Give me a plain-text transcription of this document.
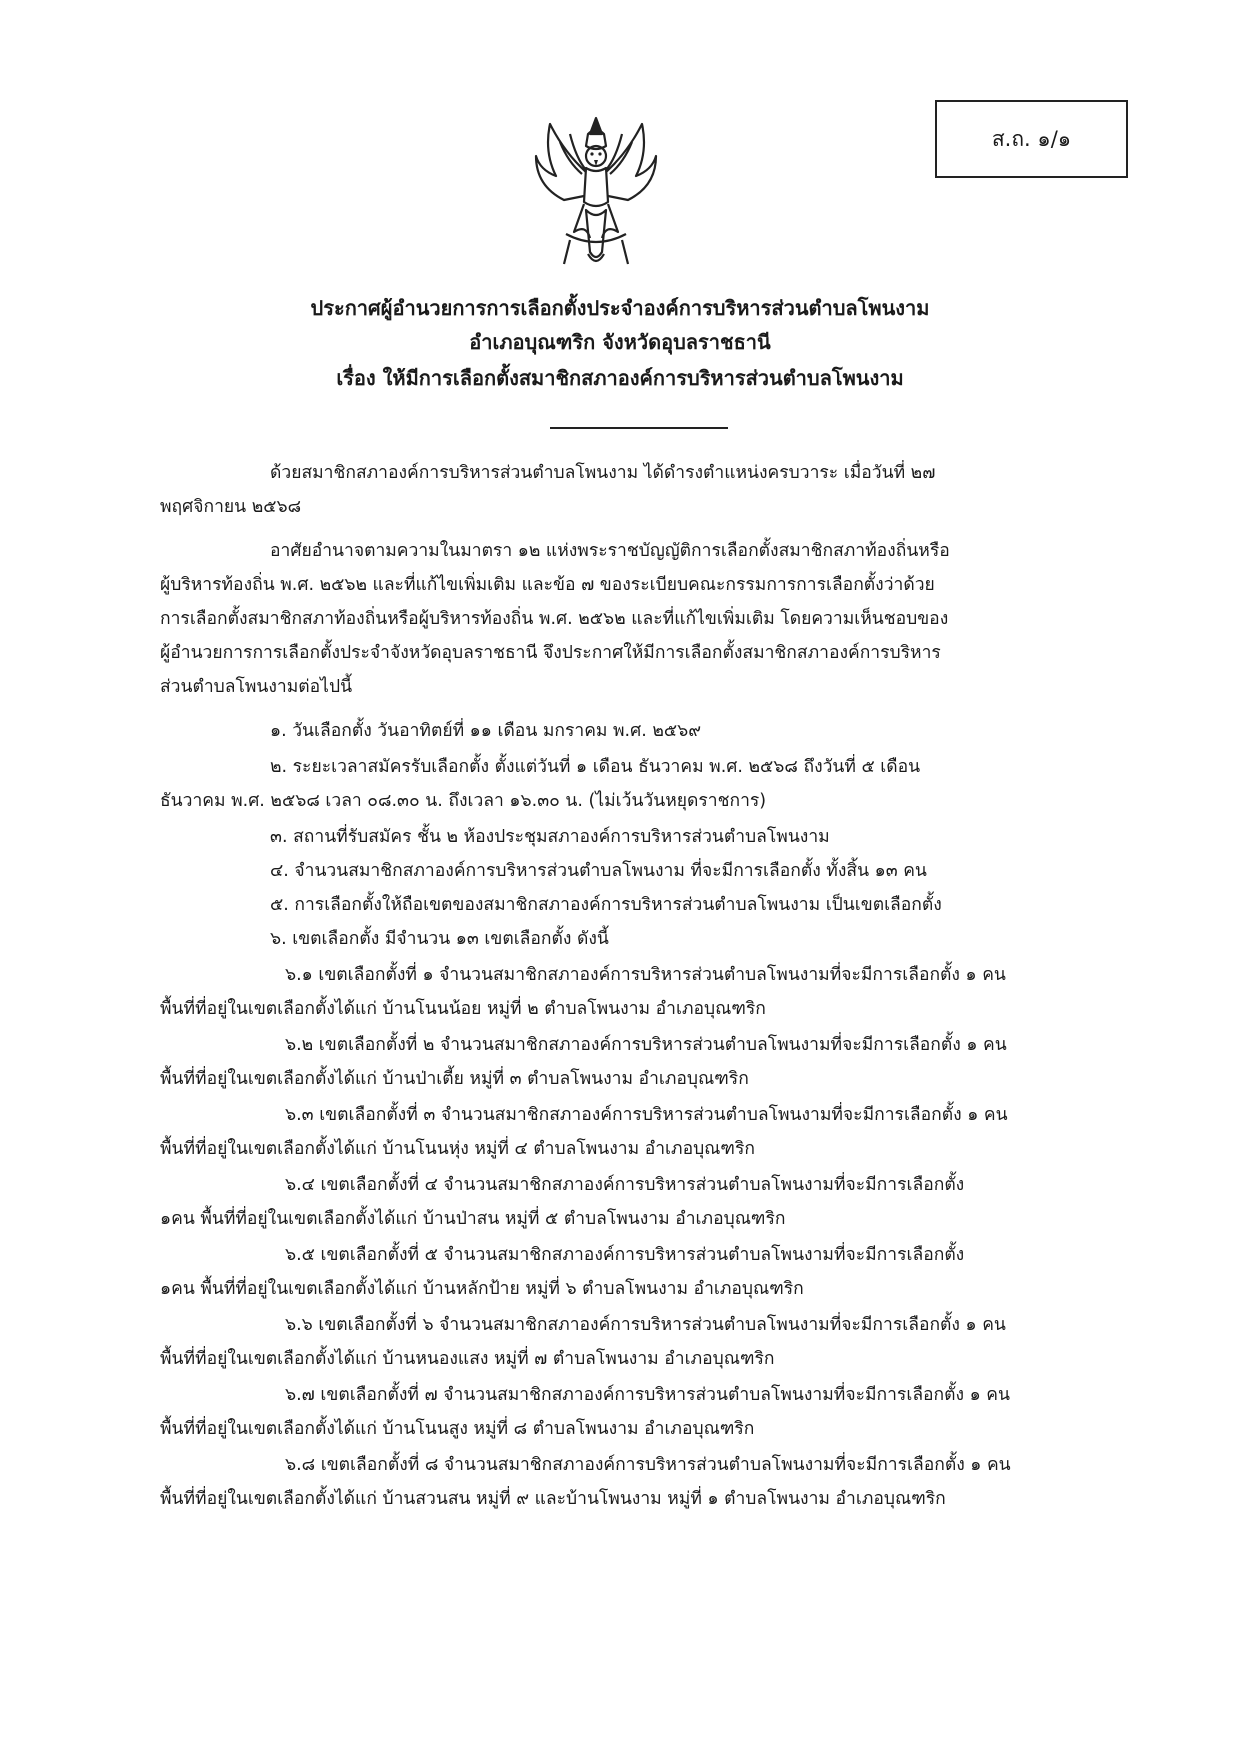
ส.ถ. ๑/๑
ประกาศผู้อำนวยการการเลือกตั้งประจำองค์การบริหารส่วนตำบลโพนงาม
อำเภอบุณฑริก จังหวัดอุบลราชธานี
เรื่อง ให้มีการเลือกตั้งสมาชิกสภาองค์การบริหารส่วนตำบลโพนงาม
ด้วยสมาชิกสภาองค์การบริหารส่วนตำบลโพนงาม ได้ดำรงตำแหน่งครบวาระ เมื่อวันที่ ๒๗
พฤศจิกายน ๒๕๖๘
อาศัยอำนาจตามความในมาตรา ๑๒ แห่งพระราชบัญญัติการเลือกตั้งสมาชิกสภาท้องถิ่นหรือ
ผู้บริหารท้องถิ่น พ.ศ. ๒๕๖๒ และที่แก้ไขเพิ่มเติม และข้อ ๗ ของระเบียบคณะกรรมการการเลือกตั้งว่าด้วย
การเลือกตั้งสมาชิกสภาท้องถิ่นหรือผู้บริหารท้องถิ่น พ.ศ. ๒๕๖๒ และที่แก้ไขเพิ่มเติม โดยความเห็นชอบของ
ผู้อำนวยการการเลือกตั้งประจำจังหวัดอุบลราชธานี จึงประกาศให้มีการเลือกตั้งสมาชิกสภาองค์การบริหาร
ส่วนตำบลโพนงามต่อไปนี้
๑. วันเลือกตั้ง วันอาทิตย์ที่ ๑๑ เดือน มกราคม พ.ศ. ๒๕๖๙
๒. ระยะเวลาสมัครรับเลือกตั้ง ตั้งแต่วันที่ ๑ เดือน ธันวาคม พ.ศ. ๒๕๖๘ ถึงวันที่ ๕ เดือน
ธันวาคม พ.ศ. ๒๕๖๘ เวลา ๐๘.๓๐ น. ถึงเวลา ๑๖.๓๐ น. (ไม่เว้นวันหยุดราชการ)
๓. สถานที่รับสมัคร ชั้น ๒ ห้องประชุมสภาองค์การบริหารส่วนตำบลโพนงาม
๔. จำนวนสมาชิกสภาองค์การบริหารส่วนตำบลโพนงาม ที่จะมีการเลือกตั้ง ทั้งสิ้น ๑๓ คน
๕. การเลือกตั้งให้ถือเขตของสมาชิกสภาองค์การบริหารส่วนตำบลโพนงาม เป็นเขตเลือกตั้ง
๖. เขตเลือกตั้ง มีจำนวน ๑๓ เขตเลือกตั้ง ดังนี้
๖.๑ เขตเลือกตั้งที่ ๑ จำนวนสมาชิกสภาองค์การบริหารส่วนตำบลโพนงามที่จะมีการเลือกตั้ง ๑ คน
พื้นที่ที่อยู่ในเขตเลือกตั้งได้แก่ บ้านโนนน้อย หมู่ที่ ๒ ตำบลโพนงาม อำเภอบุณฑริก
๖.๒ เขตเลือกตั้งที่ ๒ จำนวนสมาชิกสภาองค์การบริหารส่วนตำบลโพนงามที่จะมีการเลือกตั้ง ๑ คน
พื้นที่ที่อยู่ในเขตเลือกตั้งได้แก่ บ้านป่าเตี้ย หมู่ที่ ๓ ตำบลโพนงาม อำเภอบุณฑริก
๖.๓ เขตเลือกตั้งที่ ๓ จำนวนสมาชิกสภาองค์การบริหารส่วนตำบลโพนงามที่จะมีการเลือกตั้ง ๑ คน
พื้นที่ที่อยู่ในเขตเลือกตั้งได้แก่ บ้านโนนหุ่ง หมู่ที่ ๔ ตำบลโพนงาม อำเภอบุณฑริก
๖.๔ เขตเลือกตั้งที่ ๔ จำนวนสมาชิกสภาองค์การบริหารส่วนตำบลโพนงามที่จะมีการเลือกตั้ง
๑คน พื้นที่ที่อยู่ในเขตเลือกตั้งได้แก่ บ้านป่าสน หมู่ที่ ๕ ตำบลโพนงาม อำเภอบุณฑริก
๖.๕ เขตเลือกตั้งที่ ๕ จำนวนสมาชิกสภาองค์การบริหารส่วนตำบลโพนงามที่จะมีการเลือกตั้ง
๑คน พื้นที่ที่อยู่ในเขตเลือกตั้งได้แก่ บ้านหลักป้าย หมู่ที่ ๖ ตำบลโพนงาม อำเภอบุณฑริก
๖.๖ เขตเลือกตั้งที่ ๖ จำนวนสมาชิกสภาองค์การบริหารส่วนตำบลโพนงามที่จะมีการเลือกตั้ง ๑ คน
พื้นที่ที่อยู่ในเขตเลือกตั้งได้แก่ บ้านหนองแสง หมู่ที่ ๗ ตำบลโพนงาม อำเภอบุณฑริก
๖.๗ เขตเลือกตั้งที่ ๗ จำนวนสมาชิกสภาองค์การบริหารส่วนตำบลโพนงามที่จะมีการเลือกตั้ง ๑ คน
พื้นที่ที่อยู่ในเขตเลือกตั้งได้แก่ บ้านโนนสูง หมู่ที่ ๘ ตำบลโพนงาม อำเภอบุณฑริก
๖.๘ เขตเลือกตั้งที่ ๘ จำนวนสมาชิกสภาองค์การบริหารส่วนตำบลโพนงามที่จะมีการเลือกตั้ง ๑ คน
พื้นที่ที่อยู่ในเขตเลือกตั้งได้แก่ บ้านสวนสน หมู่ที่ ๙ และบ้านโพนงาม หมู่ที่ ๑ ตำบลโพนงาม อำเภอบุณฑริก
